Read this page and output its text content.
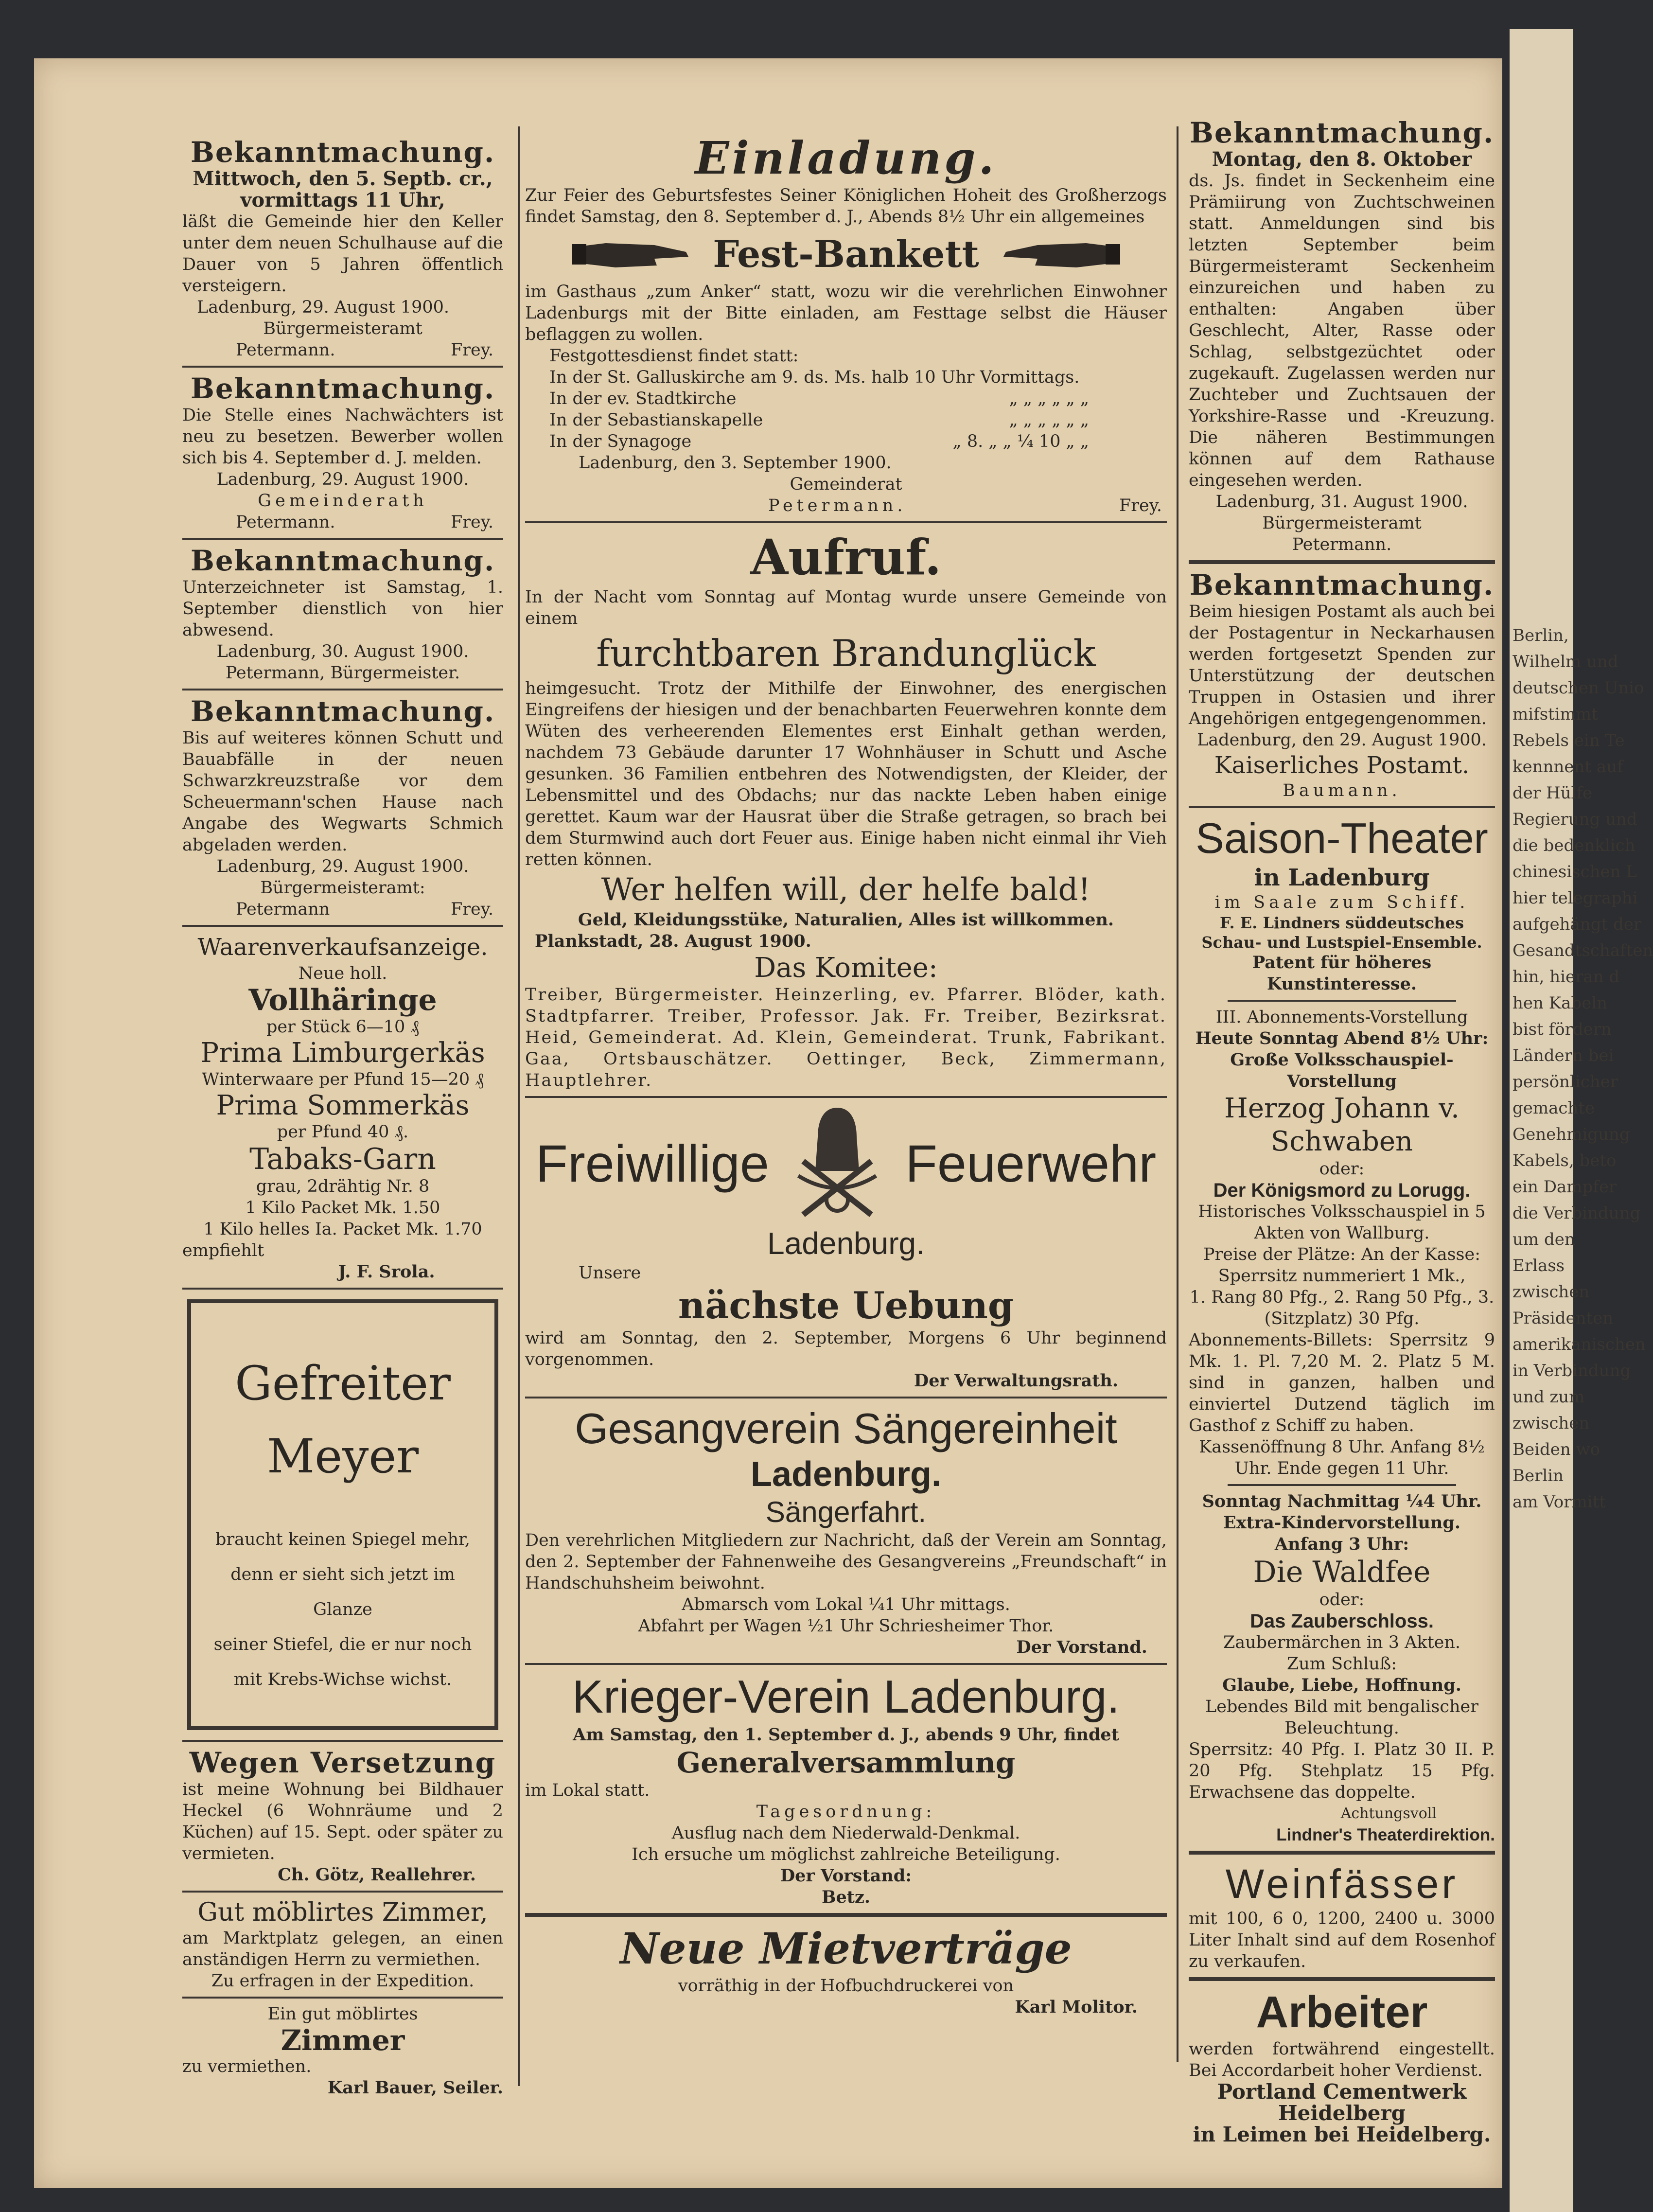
Bekanntmachung.

Mittwoch, den 5. Septb. cr.,

vormittags 11 Uhr,

läßt die Gemeinde hier den Keller unter dem neuen Schulhause auf die Dauer von 5 Jahren öffentlich versteigern.

Ladenburg, 29. August 1900.

Bürgermeisteramt

Petermann.	Frey.

Bekanntmachung.

Die Stelle eines Nachwächters ist neu zu besetzen. Bewerber wollen sich bis 4. September d. J. melden.

Ladenburg, 29. August 1900.

Gemeinderath

Petermann.	Frey.

Bekanntmachung.

Unterzeichneter ist Samstag, 1. September dienstlich von hier abwesend.

Ladenburg, 30. August 1900.

Petermann, Bürgermeister.

Bekanntmachung.

Bis auf weiteres können Schutt und Bauabfälle in der neuen Schwarzkreuzstraße vor dem Scheuermann'schen Hause nach Angabe des Wegwarts Schmich abgeladen werden.

Ladenburg, 29. August 1900.

Bürgermeisteramt:

Petermann	Frey.

Waarenverkaufsanzeige.

Neue holl.

Vollhäringe

per Stück 6—10 ₰

Prima Limburgerkäs

Winterwaare per Pfund 15—20 ₰

Prima Sommerkäs

per Pfund 40 ₰.

Tabaks-Garn

grau, 2drähtig Nr. 8

1 Kilo Packet Mk. 1.50

1 Kilo helles Ia. Packet Mk. 1.70

empfiehlt

J. F. Srola.

Gefreiter

Meyer

braucht keinen Spiegel mehr,

denn er sieht sich jetzt im Glanze

seiner Stiefel, die er nur noch

mit Krebs-Wichse wichst.

Wegen Versetzung

ist meine Wohnung bei Bildhauer Heckel (6 Wohnräume und 2 Küchen) auf 15. Sept. oder später zu vermieten.

Ch. Götz, Reallehrer.

Gut möblirtes Zimmer,

am Marktplatz gelegen, an einen anständigen Herrn zu vermiethen.

Zu erfragen in der Expedition.

Ein gut möblirtes

Zimmer

zu vermiethen.

Karl Bauer, Seiler.

Einladung.

Zur Feier des Geburtsfestes Seiner Königlichen Hoheit des Großherzogs findet Samstag, den 8. September d. J., Abends 8½ Uhr ein allgemeines

Fest-Bankett

im Gasthaus „zum Anker“ statt, wozu wir die verehrlichen Einwohner Ladenburgs mit der Bitte einladen, am Festtage selbst die Häuser beflaggen zu wollen.

Festgottesdienst findet statt:

In der St. Galluskirche am 9. ds. Ms. halb 10 Uhr Vormittags.

In der ev. Stadtkirche	„ „ „ „ „ „
In der Sebastianskapelle	„ „ „ „ „ „
In der Synagoge	„ 8. „ „ ¼ 10 „ „

Ladenburg, den 3. September 1900.

Gemeinderat

Petermann.	Frey.

Aufruf.

In der Nacht vom Sonntag auf Montag wurde unsere Gemeinde von einem

furchtbaren Brandunglück

heimgesucht. Trotz der Mithilfe der Einwohner, des energischen Eingreifens der hiesigen und der benachbarten Feuerwehren konnte dem Wüten des verheerenden Elementes erst Einhalt gethan werden, nachdem 73 Gebäude darunter 17 Wohnhäuser in Schutt und Asche gesunken. 36 Familien entbehren des Notwendigsten, der Kleider, der Lebensmittel und des Obdachs; nur das nackte Leben haben einige gerettet. Kaum war der Hausrat über die Straße getragen, so brach bei dem Sturmwind auch dort Feuer aus. Einige haben nicht einmal ihr Vieh retten können.

Wer helfen will, der helfe bald!

Geld, Kleidungsstüke, Naturalien, Alles ist willkommen.

Plankstadt, 28. August 1900.

Das Komitee:

Treiber, Bürgermeister. Heinzerling, ev. Pfarrer. Blöder, kath. Stadtpfarrer. Treiber, Professor. Jak. Fr. Treiber, Bezirksrat. Heid, Gemeinderat. Ad. Klein, Gemeinderat. Trunk, Fabrikant. Gaa, Ortsbauschätzer. Oettinger, Beck, Zimmermann, Hauptlehrer.

Freiwillige	Feuerwehr

Ladenburg.

Unsere

nächste Uebung

wird am Sonntag, den 2. September, Morgens 6 Uhr beginnend vorgenommen.

Der Verwaltungsrath.

Gesangverein Sängereinheit

Ladenburg.

Sängerfahrt.

Den verehrlichen Mitgliedern zur Nachricht, daß der Verein am Sonntag, den 2. September der Fahnenweihe des Gesangvereins „Freundschaft“ in Handschuhsheim beiwohnt.

Abmarsch vom Lokal ¼1 Uhr mittags.

Abfahrt per Wagen ½1 Uhr Schriesheimer Thor.

Der Vorstand.

Krieger-Verein Ladenburg.

Am Samstag, den 1. September d. J., abends 9 Uhr, findet

Generalversammlung

im Lokal statt.

Tagesordnung:

Ausflug nach dem Niederwald-Denkmal.

Ich ersuche um möglichst zahlreiche Beteiligung.

Der Vorstand:

Betz.

Neue Mietverträge

vorräthig in der Hofbuchdruckerei von

Karl Molitor.

Bekanntmachung.

Montag, den 8. Oktober

ds. Js. findet in Seckenheim eine Prämiirung von Zuchtschweinen statt. Anmeldungen sind bis letzten September beim Bürgermeisteramt Seckenheim einzureichen und haben zu enthalten: Angaben über Geschlecht, Alter, Rasse oder Schlag, selbstgezüchtet oder zugekauft. Zugelassen werden nur Zuchteber und Zuchtsauen der Yorkshire-Rasse und -Kreuzung. Die näheren Bestimmungen können auf dem Rathause eingesehen werden.

Ladenburg, 31. August 1900.

Bürgermeisteramt

Petermann.

Bekanntmachung.

Beim hiesigen Postamt als auch bei der Postagentur in Neckarhausen werden fortgesetzt Spenden zur Unterstützung der deutschen Truppen in Ostasien und ihrer Angehörigen entgegengenommen.

Ladenburg, den 29. August 1900.

Kaiserliches Postamt.

Baumann.

Saison-Theater

in Ladenburg

im Saale zum Schiff.

F. E. Lindners süddeutsches Schau- und Lustspiel-Ensemble.

Patent für höheres Kunstinteresse.

III. Abonnements-Vorstellung

Heute Sonntag Abend 8½ Uhr:

Große Volksschauspiel-Vorstellung

Herzog Johann v. Schwaben

oder:

Der Königsmord zu Lorugg.

Historisches Volksschauspiel in 5 Akten von Wallburg.

Preise der Plätze: An der Kasse:

Sperrsitz nummeriert 1 Mk.,

1. Rang 80 Pfg., 2. Rang 50 Pfg., 3. (Sitzplatz) 30 Pfg.

Abonnements-Billets: Sperrsitz 9 Mk. 1. Pl. 7,20 M. 2. Platz 5 M. sind in ganzen, halben und einviertel Dutzend täglich im Gasthof z Schiff zu haben.

Kassenöffnung 8 Uhr. Anfang 8½ Uhr. Ende gegen 11 Uhr.

Sonntag Nachmittag ¼4 Uhr.

Extra-Kindervorstellung. Anfang 3 Uhr:

Die Waldfee

oder:

Das Zauberschloss.

Zaubermärchen in 3 Akten.

Zum Schluß:

Glaube, Liebe, Hoffnung.

Lebendes Bild mit bengalischer Beleuchtung.

Sperrsitz: 40 Pfg. I. Platz 30 II. P. 20 Pfg. Stehplatz 15 Pfg. Erwachsene das doppelte.

Achtungsvoll

Lindner's Theaterdirektion.

Weinfässer

mit 100, 6 0, 1200, 2400 u. 3000 Liter Inhalt sind auf dem Rosenhof zu verkaufen.

Arbeiter

werden fortwährend eingestellt. Bei Accordarbeit hoher Verdienst.

Portland Cementwerk Heidelberg

in Leimen bei Heidelberg.

Berlin,
Wilhelm und
deutschen Unio
mifstimmt
Rebels ein Te
kennnent auf
der Hülfe
Regierung und
die bedenklich
chinesischen L
hier telegraphi
aufgehängt der
Gesandtschaften
hin, hieran d
hen Kabeln
bist fördern
Ländern bei
persönlicher
gemachte
Genehmigung
Kabels, beto
ein Dampfer
die Verbindung
um den
Erlass
zwischen
Präsidenten
amerikanischen
in Verbindung
und zum
zwischen
Beiden wo
Berlin
am Vormitt
